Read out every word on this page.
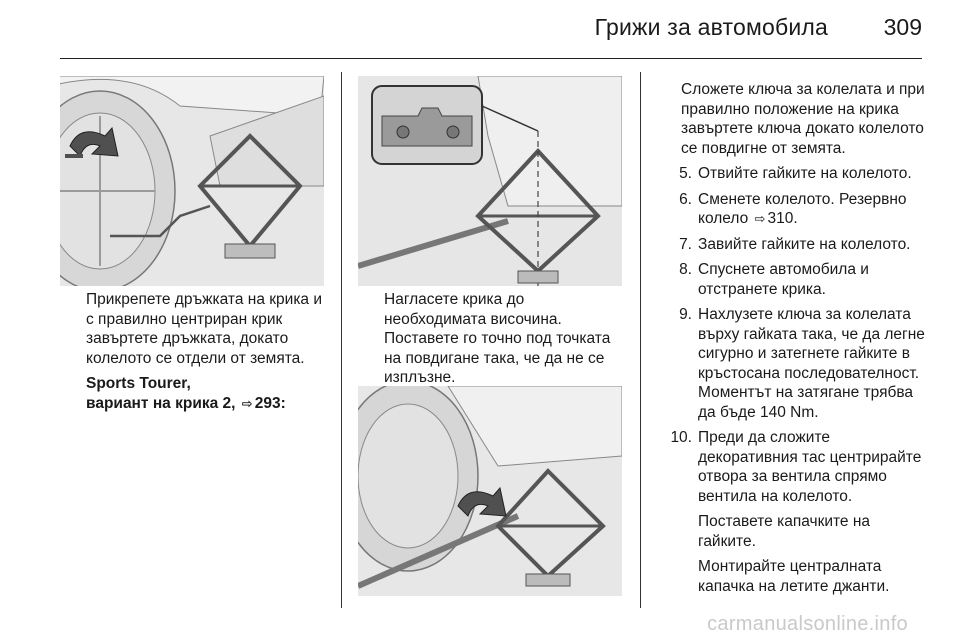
Грижи за автомобила 309

Прикрепете дръжката на крика и с правилно центриран крик завъртете дръжката, докато колелото се отдели от земята.

Sports Tourer,

вариант на крика 2, ⇨ 293:

Нагласете крика до необходимата височина. Поставете го точно под точката на повдигане така, че да не се изплъзне.

Сложете ключа за колелата и при правилно положение на крика завъртете ключа докато колелото се повдигне от земята.

5. Отвийте гайките на колелото.
6. Сменете колелото. Резервно колело ⇨ 310.
7. Завийте гайките на колелото.
8. Спуснете автомобила и отстранете крика.
9. Нахлузете ключа за колелата върху гайката така, че да легне сигурно и затегнете гайките в кръстосана последователност. Моментът на затягане трябва да бъде 140 Nm.
10. Преди да сложите декоративния тас центрирайте отвора за вентила спрямо вентила на колелото.

Поставете капачките на гайките.

Монтирайте централната капачка на летите джанти.

carmanualsonline.info
